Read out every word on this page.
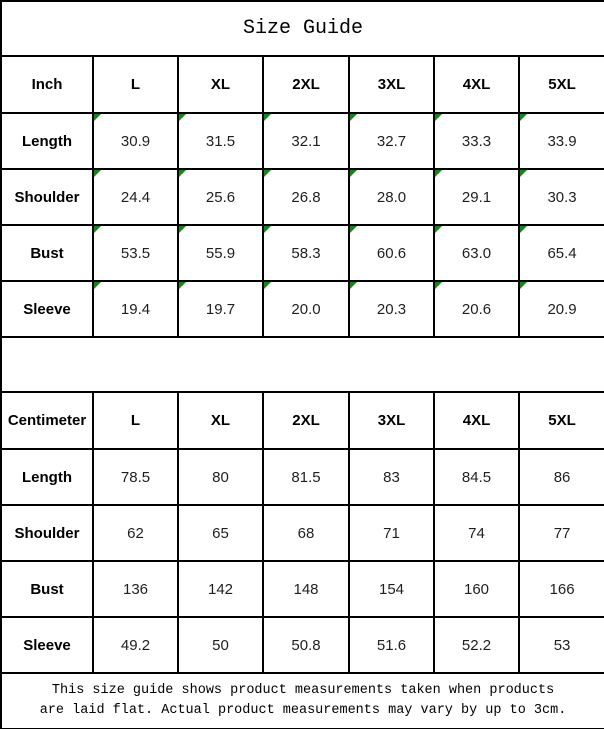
Size Guide						
Inch	L	XL	2XL	3XL	4XL	5XL
Length	30.9	31.5	32.1	32.7	33.3	33.9
Shoulder	24.4	25.6	26.8	28.0	29.1	30.3
Bust	53.5	55.9	58.3	60.6	63.0	65.4
Sleeve	19.4	19.7	20.0	20.3	20.6	20.9

Centimeter	L	XL	2XL	3XL	4XL	5XL
Length	78.5	80	81.5	83	84.5	86
Shoulder	62	65	68	71	74	77
Bust	136	142	148	154	160	166
Sleeve	49.2	50	50.8	51.6	52.2	53

This size guide shows product measurements taken when products
are laid flat. Actual product measurements may vary by up to 3cm.						
